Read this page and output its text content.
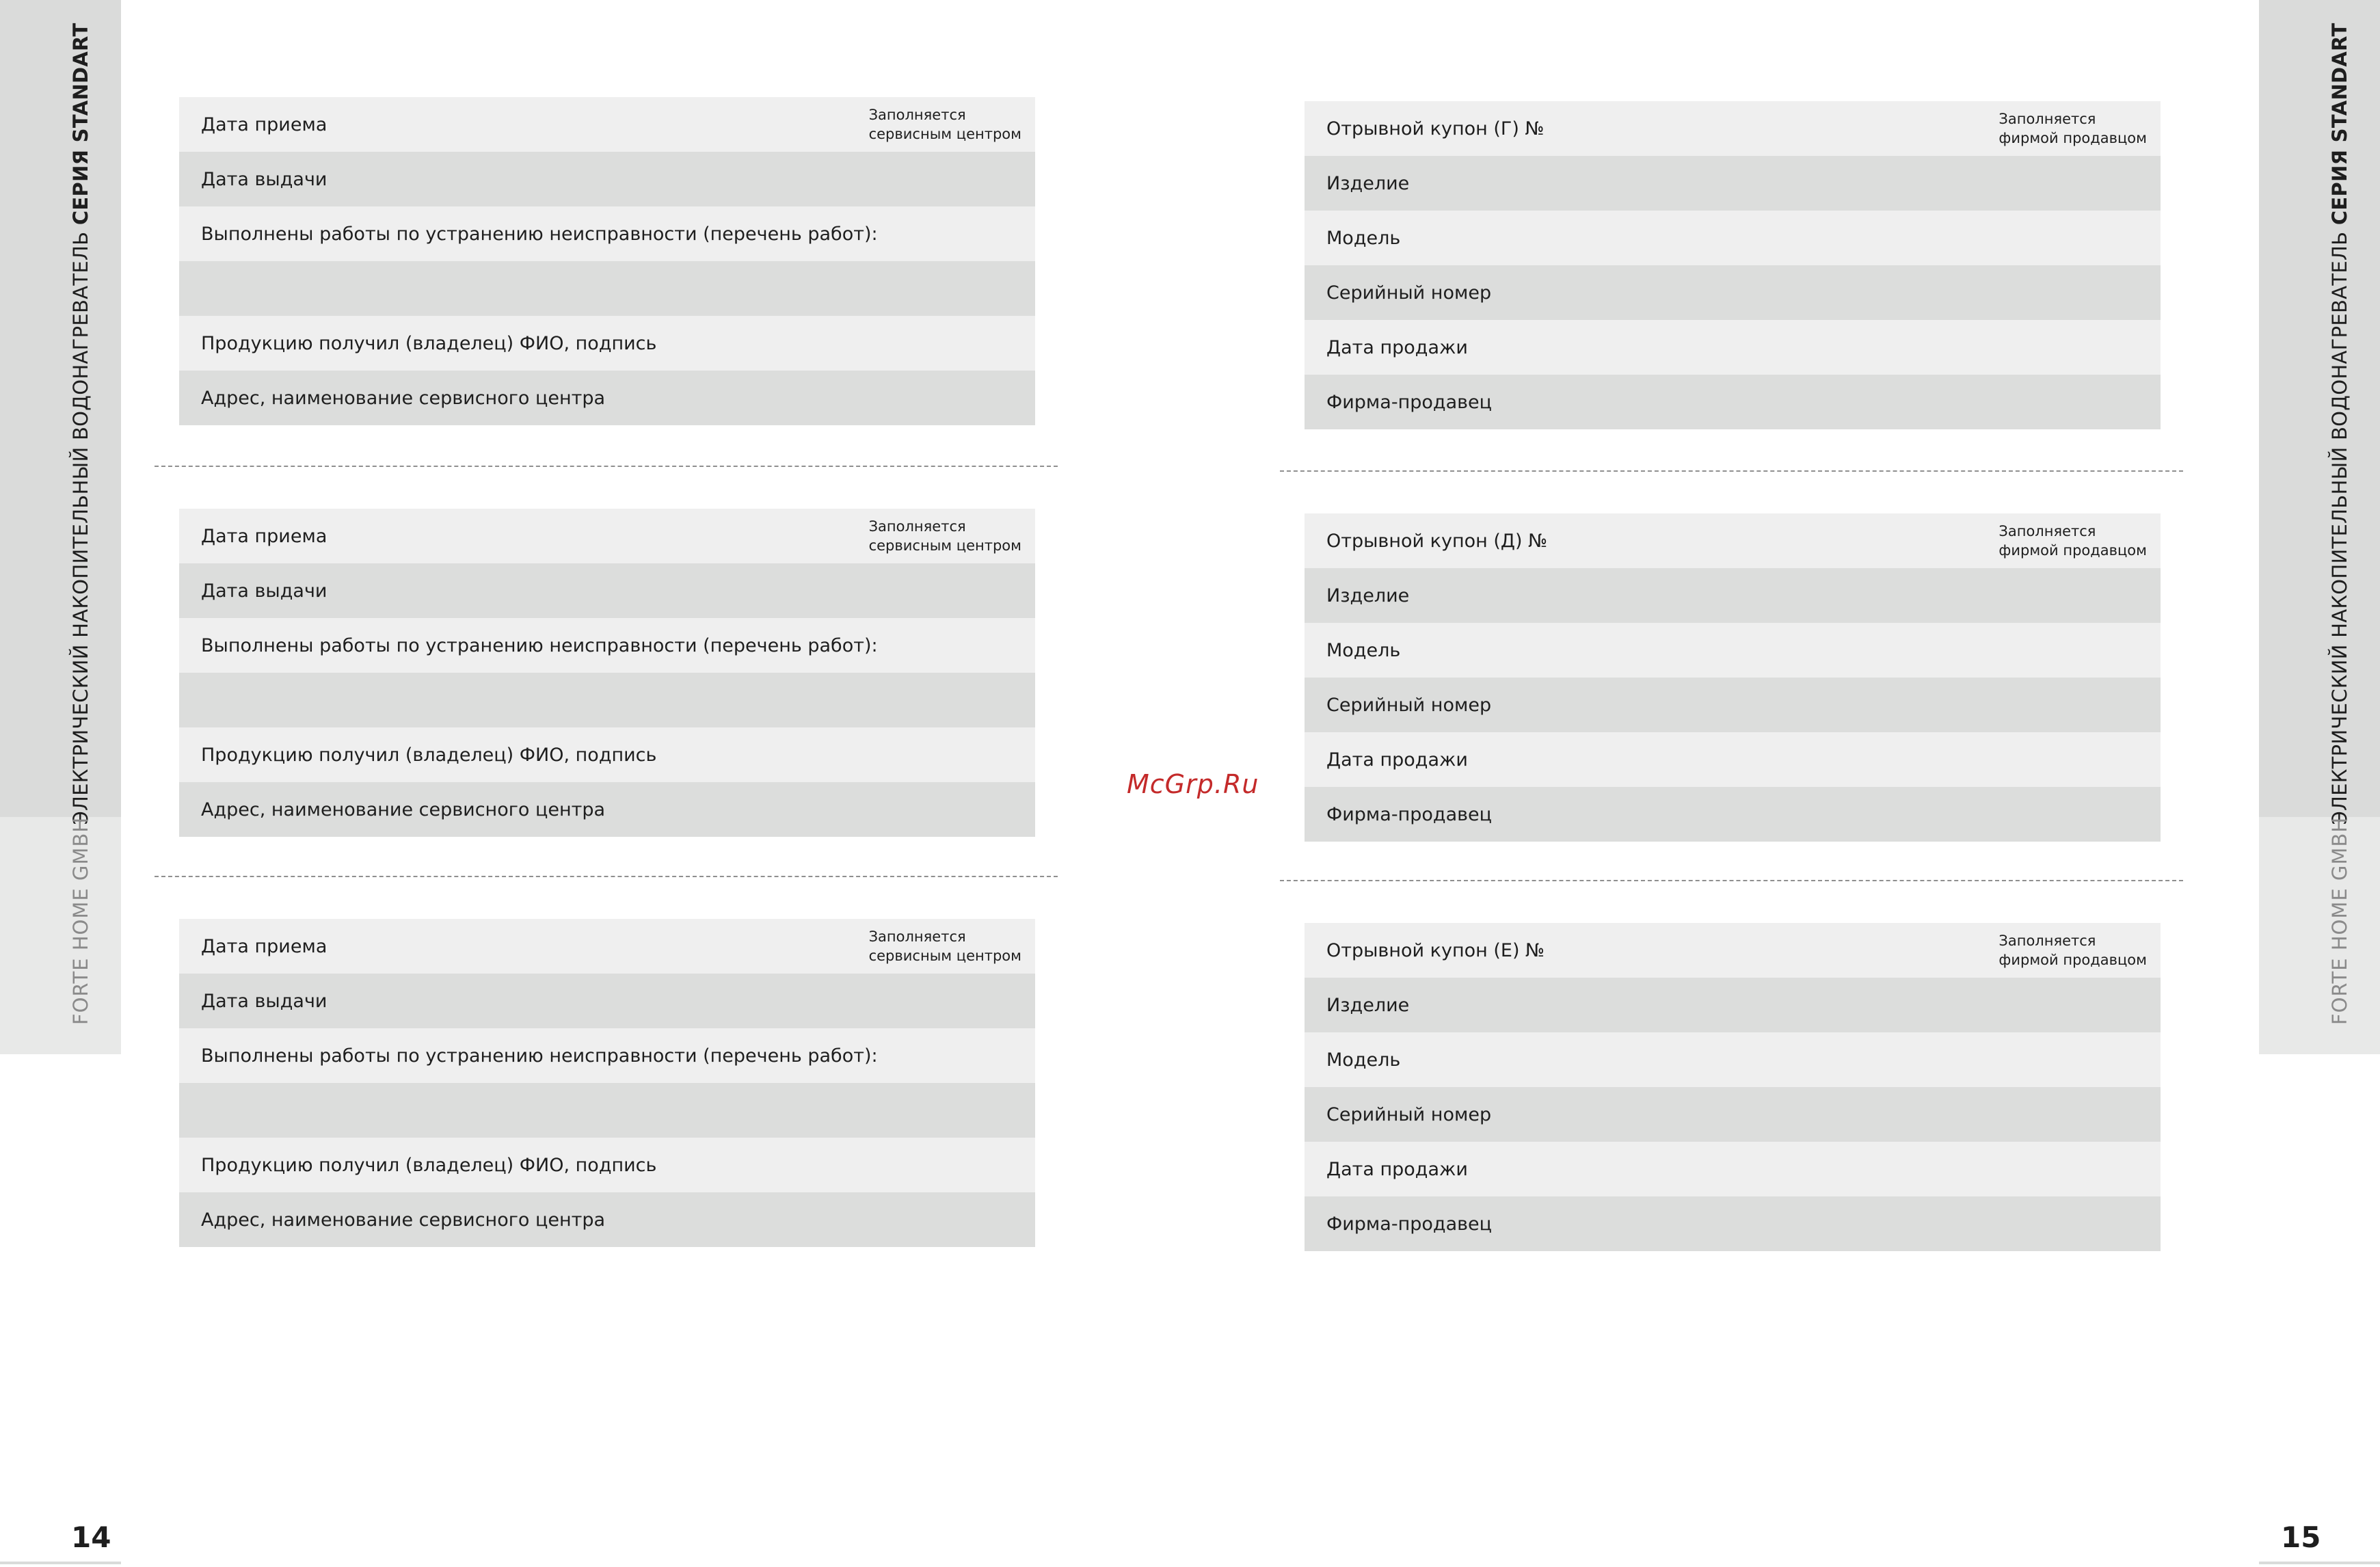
ЭЛЕКТРИЧЕСКИЙ НАКОПИТЕЛЬНЫЙ ВОДОНАГРЕВАТЕЛЬ СЕРИЯ STANDART
FORTE HOME GMBH
ЭЛЕКТРИЧЕСКИЙ НАКОПИТЕЛЬНЫЙ ВОДОНАГРЕВАТЕЛЬ СЕРИЯ STANDART
FORTE HOME GMBH
Дата приема	Заполняется
сервисным центром
Дата выдачи
Выполнены работы по устранению неисправности (перечень работ):
Продукцию получил (владелец) ФИО, подпись
Адрес, наименование сервисного центра
Дата приема	Заполняется
сервисным центром
Дата выдачи
Выполнены работы по устранению неисправности (перечень работ):
Продукцию получил (владелец) ФИО, подпись
Адрес, наименование сервисного центра
Дата приема	Заполняется
сервисным центром
Дата выдачи
Выполнены работы по устранению неисправности (перечень работ):
Продукцию получил (владелец) ФИО, подпись
Адрес, наименование сервисного центра
McGrp.Ru
Отрывной купон (Г) №	Заполняется
фирмой продавцом
Изделие
Модель
Серийный номер
Дата продажи
Фирма-продавец
Отрывной купон (Д) №	Заполняется
фирмой продавцом
Изделие
Модель
Серийный номер
Дата продажи
Фирма-продавец
Отрывной купон (Е) №	Заполняется
фирмой продавцом
Изделие
Модель
Серийный номер
Дата продажи
Фирма-продавец
14	15
